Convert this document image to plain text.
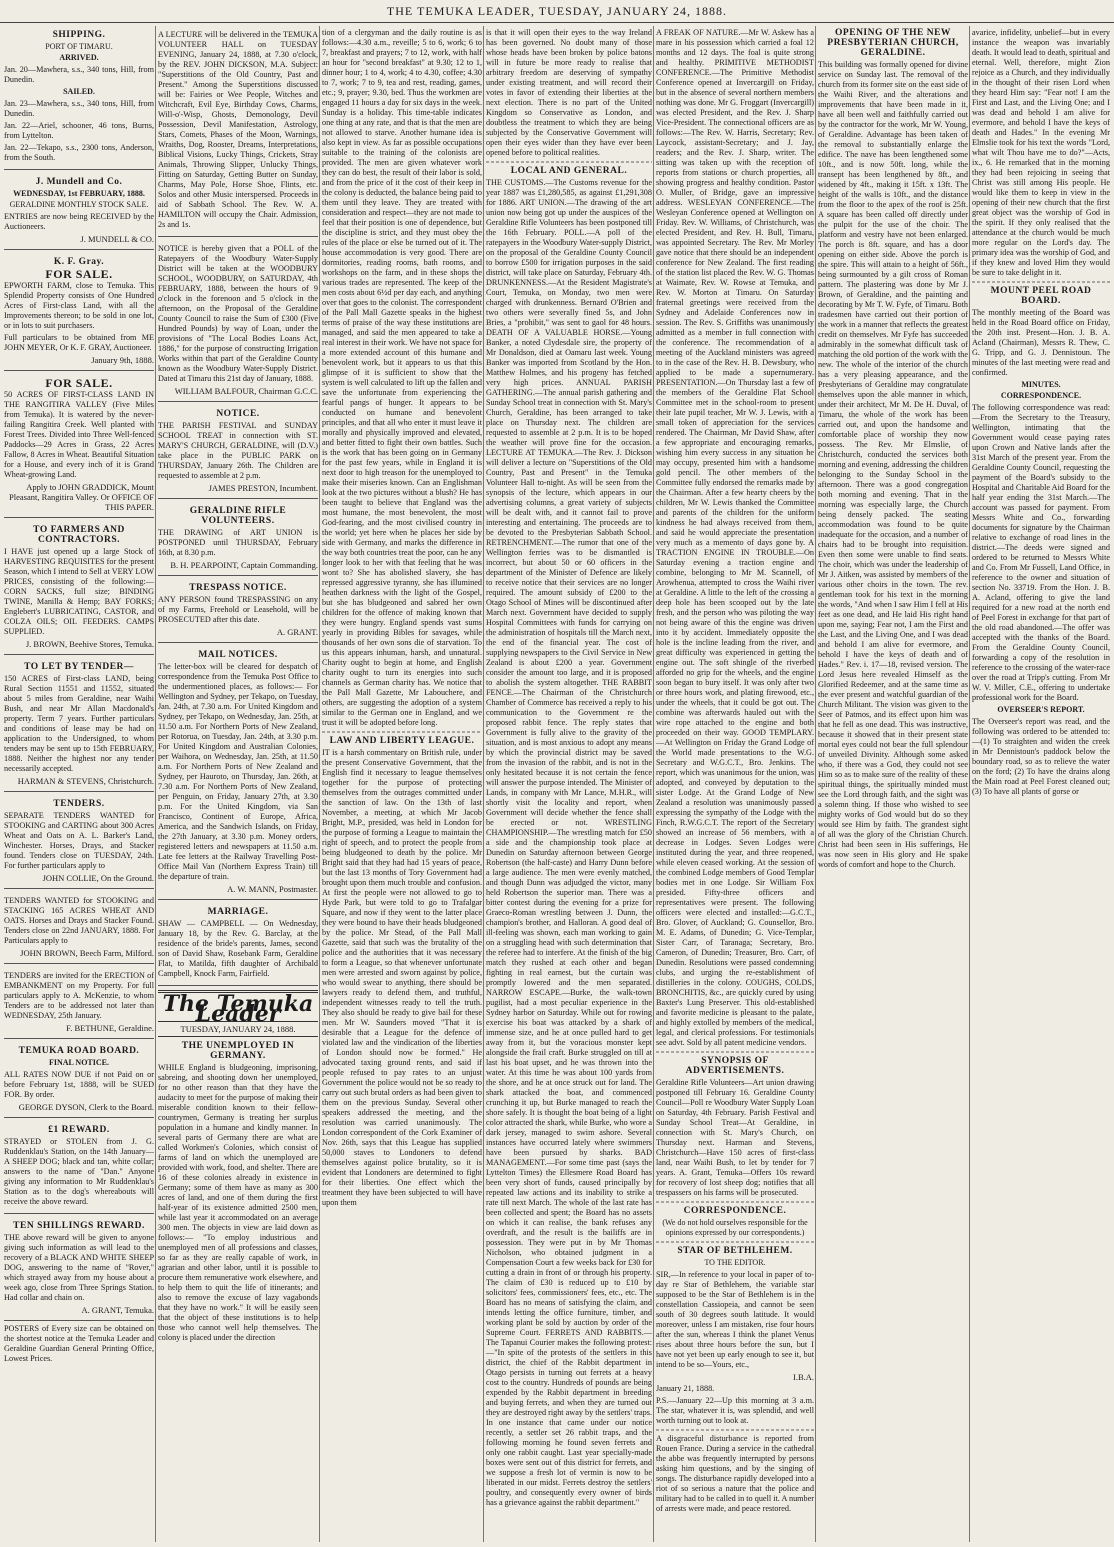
THE TEMUKA LEADER, TUESDAY, JANUARY 24, 1888.
SHIPPING.
PORT OF TIMARU.
ARRIVED.
Jan. 20—Mawhera, s.s., 340 tons, Hill, from Dunedin.
SAILED.
Jan. 23—Mawhera, s.s., 340 tons, Hill, from Dunedin.
Jan. 22—Ariel, schooner, 46 tons, Burns, from Lyttelton.
Jan. 22—Tekapo, s.s., 2300 tons, Anderson, from the South.
J. Mundell and Co.
WEDNESDAY, 1st FEBRUARY, 1888.
GERALDINE MONTHLY STOCK SALE.
ENTRIES are now being RECEIVED by the Auctioneers.
J. MUNDELL & CO.
K. F. Gray.
FOR SALE.
EPWORTH FARM, close to Temuka. This Splendid Property consists of One Hundred Acres of First-class Land, with all the Improvements thereon; to be sold in one lot, or in lots to suit purchasers.
Full particulars to be obtained from ME JOHN MEYER, Or K. F. GRAY, Auctioneer.
January 9th, 1888.
FOR SALE.
50 ACRES OF FIRST-CLASS LAND IN THE RANGITIRA VALLEY (Five Miles from Temuka). It is watered by the never-failing Rangitira Creek. Well planted with Forest Trees. Divided into Three Well-fenced Paddocks—29 Acres in Grass, 22 Acres Fallow, 8 Acres in Wheat. Beautiful Situation for a House, and every inch of it is Grand Wheat-growing Land.
Apply to JOHN GRADDICK, Mount Pleasant, Rangitira Valley. Or OFFICE OF THIS PAPER.
TO FARMERS AND CONTRACTORS.
I HAVE just opened up a large Stock of HARVESTING REQUISITES for the present Season, which I intend to Sell at VERY LOW PRICES, consisting of the following:— CORN SACKS, full size; BINDING TWINE, Manilla & Hemp; BAY FORKS; Englebert's LUBRICATING, CASTOR, and COLZA OILS; OIL FEEDERS. CAMPS SUPPLIED.
J. BROWN, Beehive Stores, Temuka.
TO LET BY TENDER—
150 ACRES of First-class LAND, being Rural Section 11551 and 11552, situated about 5 miles from Geraldine, near Waihi Bush, and near Mr Allan Macdonald's property. Term 7 years. Further particulars and conditions of lease may be had on application to the Undersigned, to whom tenders may be sent up to 15th FEBRUARY, 1888. Neither the highest nor any tender necessarily accepted.
HARMAN & STEVENS, Christchurch.
TENDERS.
SEPARATE TENDERS WANTED for STOOKING and CARTING about 300 Acres Wheat and Oats on A. L. Barker's Land, Winchester. Horses, Drays, and Stacker found. Tenders close on TUESDAY, 24th. For further particulars apply to
JOHN COLLIE, On the Ground.
TENDERS WANTED for STOOKING and STACKING 165 ACRES WHEAT AND OATS. Horses and Drays and Stacker Found. Tenders close on 22nd JANUARY, 1888. For Particulars apply to
JOHN BROWN, Beech Farm, Milford.
TENDERS are invited for the ERECTION of EMBANKMENT on my Property. For full particulars apply to A. McKenzie, to whom Tenders are to be addressed not later than WEDNESDAY, 25th January.
F. BETHUNE, Geraldine.
TEMUKA ROAD BOARD.
FINAL NOTICE.
ALL RATES NOW DUE if not Paid on or before February 1st, 1888, will be SUED FOR. By order.
GEORGE DYSON, Clerk to the Board.
£1 REWARD.
STRAYED or STOLEN from J. G. Ruddenklau's Station, on the 14th January—A SHEEP DOG; black and tan, white collar; answers to the name of "Dan." Anyone giving any information to Mr Ruddenklau's Station as to the dog's whereabouts will receive the above reward.
TEN SHILLINGS REWARD.
THE above reward will be given to anyone giving such information as will lead to the recovery of a BLACK AND WHITE SHEEP DOG, answering to the name of "Rover," which strayed away from my house about a week ago, close from Three Springs Station. Had collar and chain on.
A. GRANT, Temuka.
POSTERS of Every size can be obtained on the shortest notice at the Temuka Leader and Geraldine Guardian General Printing Office, Lowest Prices.
A LECTURE will be delivered in the TEMUKA VOLUNTEER HALL on TUESDAY EVENING, January 24, 1888, at 7.30 o'clock, by the REV. JOHN DICKSON, M.A. Subject: "Superstitions of the Old Country, Past and Present." Among the Superstitions discussed will be: Fairies or Wee People, Witches and Witchcraft, Evil Eye, Birthday Cows, Charms, Will-o'-Wisp, Ghosts, Demonology, Devil Possession, Devil Manifestation, Astrology, Stars, Comets, Phases of the Moon, Warnings, Wraiths, Dog, Rooster, Dreams, Interpretations, Biblical Visions, Lucky Things, Crickets, Stray Animals, Throwing Slipper, Unlucky Things, Fitting on Saturday, Getting Butter on Sunday, Charms, May Pole, Horse Shoe, Flints, etc. Solos and other Music interspersed. Proceeds in aid of Sabbath School. The Rev. W. A. HAMILTON will occupy the Chair. Admission, 2s and 1s.
NOTICE is hereby given that a POLL of the Ratepayers of the Woodbury Water-Supply District will be taken at the WOODBURY SCHOOL, WOODBURY, on SATURDAY, 4th FEBRUARY, 1888, between the hours of 9 o'clock in the forenoon and 5 o'clock in the afternoon, on the Proposal of the Geraldine County Council to raise the Sum of £300 (Five Hundred Pounds) by way of Loan, under the provisions of "The Local Bodies Loans Act, 1886," for the purpose of constructing Irrigation Works within that part of the Geraldine County known as the Woodbury Water-Supply District. Dated at Timaru this 21st day of January, 1888.
WILLIAM BALFOUR, Chairman G.C.C.
NOTICE.
THE PARISH FESTIVAL and SUNDAY SCHOOL TREAT in connection with ST. MARY'S CHURCH, GERALDINE, will (D.V.) take place in the PUBLIC PARK on THURSDAY, January 26th. The Children are requested to assemble at 2 p.m.
JAMES PRESTON, Incumbent.
GERALDINE RIFLE VOLUNTEERS.
THE DRAWING of ART UNION is POSTPONED until THURSDAY, February 16th, at 8.30 p.m.
B. H. PEARPOINT, Captain Commanding.
TRESPASS NOTICE.
ANY PERSON found TRESPASSING on any of my Farms, Freehold or Leasehold, will be PROSECUTED after this date.
A. GRANT.
MAIL NOTICES.
The letter-box will be cleared for despatch of correspondence from the Temuka Post Office to the undermentioned places, as follows:— For Wellington and Sydney, per Tekapo, on Tuesday, Jan. 24th, at 7.30 a.m. For United Kingdom and Sydney, per Tekapo, on Wednesday, Jan. 25th, at 11.50 a.m. For Northern Ports of New Zealand, per Rotorua, on Tuesday, Jan. 24th, at 3.30 p.m. For United Kingdom and Australian Colonies, per Waihora, on Wednesday, Jan. 25th, at 11.50 a.m. For Northern Ports of New Zealand and Sydney, per Hauroto, on Thursday, Jan. 26th, at 7.30 a.m. For Northern Ports of New Zealand, per Penguin, on Friday, January 27th, at 3.30 p.m. For the United Kingdom, via San Francisco, Continent of Europe, Africa, America, and the Sandwich Islands, on Friday, the 27th January, at 3.30 p.m. Money orders, registered letters and newspapers at 11.50 a.m. Late fee letters at the Railway Travelling Post-Office Mail Van (Northern Express Train) till the departure of train.
A. W. MANN, Postmaster.
MARRIAGE.
SHAW — CAMPBELL — On Wednesday, January 18, by the Rev. G. Barclay, at the residence of the bride's parents, James, second son of David Shaw, Rosebank Farm, Geraldine Flat, to Matilda, fifth daughter of Archibald Campbell, Knock Farm, Fairfield.
The Temuka Leader
TUESDAY, JANUARY 24, 1888.
THE UNEMPLOYED IN GERMANY.
WHILE England is bludgeoning, imprisoning, sabreing, and shooting down her unemployed, for no other reason than that they have the audacity to meet for the purpose of making their miserable condition known to their fellow-countrymen, Germany is treating her surplus population in a humane and kindly manner. In several parts of Germany there are what are called Workmen's Colonies, which consist of farms of land on which the unemployed are provided with work, food, and shelter. There are 16 of these colonies already in existence in Germany; some of them have as many as 300 acres of land, and one of them during the first half-year of its existence admitted 2500 men, while last year it accommodated on an average 300 men. The objects in view are laid down as follows:— "To employ industrious and unemployed men of all professions and classes, so far as they are really capable of work, in agrarian and other labor, until it is possible to procure them remunerative work elsewhere, and to help them to quit the life of itinerants; and also to remove the excuse of lazy vagabonds that they have no work." It will be easily seen that the object of these institutions is to help those who cannot well help themselves. The colony is placed under the direction
tion of a clergyman and the daily routine is as follows:—4.30 a.m., reveille; 5 to 6, work; 6 to 7, breakfast and prayers; 7 to 12, work, with half an hour for "second breakfast" at 9.30; 12 to 1, dinner hour; 1 to 4, work; 4 to 4.30, coffee; 4.30 to 7, work; 7 to 9, tea and rest, reading, games, etc.; 9, prayer; 9.30, bed. Thus the workmen are engaged 11 hours a day for six days in the week. Sunday is a holiday. This time-table indicates one thing at any rate, and that is that the men are not allowed to starve. Another humane idea is also kept in view. As far as possible occupations suitable to the training of the colonists are provided. The men are given whatever work they can do best, the result of their labor is sold, and from the price of it the cost of their keep in the colony is deducted, the balance being paid to them until they leave. They are treated with consideration and respect—they are not made to feel that their position is one of dependence, but the discipline is strict, and they must obey the rules of the place or else be turned out of it. The house accommodation is very good. There are dormitories, reading rooms, bath rooms, and workshops on the farm, and in these shops the various trades are represented. The keep of the men costs about 6½d per day each, and anything over that goes to the colonist. The correspondent of the Pall Mall Gazette speaks in the highest terms of praise of the way these institutions are managed, and said the men appeared to take a real interest in their work. We have not space for a more extended account of this humane and benevolent work, but it appears to us that this glimpse of it is sufficient to show that the system is well calculated to lift up the fallen and save the unfortunate from experiencing the fearful pangs of hunger. It appears to be conducted on humane and benevolent principles, and that all who enter it must leave it morally and physically improved and elevated, and better fitted to fight their own battles. Such is the work that has been going on in Germany for the past few years, while in England it is next door to high treason for the unemployed to make their miseries known. Can an Englishman look at the two pictures without a blush? He has been taught to believe that England was the most humane, the most benevolent, the most God-fearing, and the most civilised country in the world; yet here when he places her side by side with Germany, and marks the difference in the way both countries treat the poor, can he any longer look to her with that feeling that he was wont to? She has abolished slavery, she has repressed aggressive tyranny, she has illumined heathen darkness with the light of the Gospel, but she has bludgeoned and sabred her own children for the offence of making known that they were hungry. England spends vast sums yearly in providing Bibles for savages, while thousands of her own sons die of starvation. To us this appears inhuman, harsh, and unnatural. Charity ought to begin at home, and English charity ought to turn its energies into such channels as German charity has. We notice that the Pall Mall Gazette, Mr Labouchere, and others, are suggesting the adoption of a system similar to the German one in England, and we trust it will be adopted before long.
LAW AND LIBERTY LEAGUE.
IT is a harsh commentary on British rule, under the present Conservative Government, that the English find it necessary to league themselves together for the purpose of protecting themselves from the outrages committed under the sanction of law. On the 13th of last November, a meeting, at which Mr Jacob Bright, M.P., presided, was held in London for the purpose of forming a League to maintain the right of speech, and to protect the people from being bludgeoned to death by the police. Mr Bright said that they had had 15 years of peace, but the last 13 months of Tory Government had brought upon them much trouble and confusion. At first the people were not allowed to go to Hyde Park, but were told to go to Trafalgar Square, and now if they went to the latter place they were bound to have their heads bludgeoned by the police. Mr Stead, of the Pall Mall Gazette, said that such was the brutality of the police and the authorities that it was necessary to form a League, so that whenever unfortunate men were arrested and sworn against by police, who would swear to anything, there should be lawyers ready to defend them, and truthful, independent witnesses ready to tell the truth. They also should be ready to give bail for these men. Mr W. Saunders moved "That it is desirable that a League for the defence of violated law and the vindication of the liberties of London should now be formed." He advocated taxing ground rents, and said if people refused to pay rates to an unjust Government the police would not be so ready to carry out such brutal orders as had been given to them on the previous Sunday. Several other speakers addressed the meeting, and the resolution was carried unanimously. The London correspondent of the Cork Examiner of Nov. 26th, says that this League has supplied 50,000 staves to Londoners to defend themselves against police brutality, so it is evident that Londoners are determined to fight for their liberties. One effect which the treatment they have been subjected to will have upon them
is that it will open their eyes to the way Ireland has been governed. No doubt many of those whose heads have been broken by police batons will in future be more ready to realise that arbitrary freedom are deserving of sympathy under existing treatment, and will record their votes in favor of extending their liberties at the next election. There is no part of the United Kingdom so Conservative as London, and doubtless the treatment to which they are being subjected by the Conservative Government will open their eyes wider than they have ever been opened before to political realities.
LOCAL AND GENERAL.
THE CUSTOMS.—The Customs revenue for the year 1887 was £1,280,585, as against £1,291,308 for 1886. ART UNION.—The drawing of the art union now being got up under the auspices of the Geraldine Rifle Volunteers has been postponed till the 16th February. POLL.—A poll of the ratepayers in the Woodbury Water-supply District, on the proposal of the Geraldine County Council to borrow £500 for irrigation purposes in the said district, will take place on Saturday, February 4th. DRUNKENNESS.—At the Resident Magistrate's Court, Temuka, on Monday, two men were charged with drunkenness. Bernard O'Brien and two others were severally fined 5s, and John Bries, a "prohibit," was sent to gaol for 48 hours. DEATH OF A VALUABLE HORSE.—Young Banker, a noted Clydesdale sire, the property of Mr Donaldson, died at Oamaru last week. Young Banker was imported from Scotland by the Hon. Matthew Holmes, and his progeny has fetched very high prices. ANNUAL PARISH GATHERING.—The annual parish gathering and Sunday School treat in connection with St. Mary's Church, Geraldine, has been arranged to take place on Thursday next. The children are requested to assemble at 2 p.m. It is to be hoped the weather will prove fine for the occasion. LECTURE AT TEMUKA.—The Rev. J. Dickson will deliver a lecture on "Superstitions of the Old Country, Past and Present" in the Temuka Volunteer Hall to-night. As will be seen from the synopsis of the lecture, which appears in our advertising columns, a great variety of subjects will be dealt with, and it cannot fail to prove interesting and entertaining. The proceeds are to be devoted to the Presbyterian Sabbath School. RETRENCHMENT.—The rumor that one of the Wellington ferries was to be dismantled is incorrect, but about 50 or 60 officers in the department of the Minister of Defence are likely to receive notice that their services are no longer required. The amount subsidy of £200 to the Otago School of Mines will be discontinued after March next. Government have decided to supply Hospital Committees with funds for carrying on the administration of hospitals till the March next, the end of the financial year. The cost of supplying newspapers to the Civil Service in New Zealand is about £200 a year. Government consider the amount too large, and it is proposed to abolish the system altogether. THE RABBIT FENCE.—The Chairman of the Christchurch Chamber of Commerce has received a reply to his communication to the Government re the proposed rabbit fence. The reply states that Government is fully alive to the gravity of the situation, and is most anxious to adopt any means by which the provincial district may be saved from the invasion of the rabbit, and is not in the only hesitated because it is not certain the fence will answer the purpose intended. The Minister of Lands, in company with Mr Lance, M.H.R., will shortly visit the locality and report, when Government will decide whether the fence shall be erected or not. WRESTLING CHAMPIONSHIP.—The wrestling match for £50 a side and the championship took place at Dunedin on Saturday afternoon between George Robertson (the half-caste) and Harry Dunn before a large audience. The men were evenly matched, and though Dunn was adjudged the victor, many held Robertson the superior man. There was a bitter contest during the evening for a prize for Graeco-Roman wrestling between J. Dunn, the champion's brother, and Halloran. A good deal of ill-feeling was shown, each man working to gain on a struggling head with such determination that the referee had to interfere. At the finish of the big match they rushed at each other and began fighting in real earnest, but the curtain was promptly lowered and the men separated. NARROW ESCAPE.—Burke, the walk-town pugilist, had a most peculiar experience in the Sydney harbor on Saturday. While out for rowing exercise his boat was attacked by a shark of immense size, and he at once pulled hard to get away from it, but the voracious monster kept alongside the frail craft. Burke struggled on till at last his boat upset, and he was thrown into the water. At this time he was about 100 yards from the shore, and he at once struck out for land. The shark attacked the boat, and commenced crunching it up, but Burke managed to reach the shore safely. It is thought the boat being of a light color attracted the shark, while Burke, who wore a dark jersey, managed to swim ashore. Several instances have occurred lately where swimmers have been pursued by sharks. BAD MANAGEMENT.—For some time past (says the Lyttelton Times) the Ellesmere Road Board has been very short of funds, caused principally by repeated law actions and its inability to strike a rate till next March. The whole of the last rate has been collected and spent; the Board has no assets on which it can realise, the bank refuses any overdraft, and the result is the bailiffs are in possession. They were put in by Mr Thomas Nicholson, who obtained judgment in a Compensation Court a few weeks back for £30 for cutting a drain in front of or through his property. The claim of £30 is reduced up to £10 by solicitors' fees, commissioners' fees, etc., etc. The Board has no means of satisfying the claim, and intends letting the office furniture, timber, and working plant be sold by auction by order of the Supreme Court. FERRETS AND RABBITS.—The Tapanui Courier makes the following protest:—"In spite of the protests of the settlers in this district, the chief of the Rabbit department in Otago persists in turning out ferrets at a heavy cost to the country. Hundreds of pounds are being expended by the Rabbit department in breeding and buying ferrets, and when they are turned out they are destroyed right away by the settlers' traps. In one instance that came under our notice recently, a settler set 26 rabbit traps, and the following morning he found seven ferrets and only one rabbit caught. Last year specially-made boxes were sent out of this district for ferrets, and we suppose a fresh lot of vermin is now to be liberated in our midst. Ferrets destroy the settlers' poultry, and consequently every owner of birds has a grievance against the rabbit department."
A FREAK OF NATURE.—Mr W. Askew has a mare in his possession which carried a foal 12 months and 12 days. The foal is quite strong and healthy. PRIMITIVE METHODIST CONFERENCE.—The Primitive Methodist Conference opened at Invercargill on Friday, but in the absence of several northern members nothing was done. Mr G. Froggart (Invercargill) was elected President, and the Rev. J. Sharp Vice-President. The connectional officers are as follows:—The Rev. W. Harris, Secretary; Rev. Laycock, assistant-Secretary; and J. Jay, readers; and the Rev. J. Sharp, writer. The sitting was taken up with the reception of reports from stations or church properties, all showing progress and healthy condition. Pastor O. Muller, of Bridge, gave an impressive address. WESLEYAN CONFERENCE.—The Wesleyan Conference opened at Wellington on Friday. Rev. W. Williams, of Christchurch, was elected President, and Rev. H. Bull, Timaru, was appointed Secretary. The Rev. Mr Morley gave notice that there should be an independent conference for New Zealand. The first reading of the station list placed the Rev. W. G. Thomas at Waimate, Rev. W. Rowse at Temuka, and Rev. W. Morton at Timaru. On Saturday fraternal greetings were received from the Sydney and Adelaide Conferences now in session. The Rev. S. Griffiths was unanimously admitted as a member in full connection with the conference. The recommendation of a meeting of the Auckland ministers was agreed to in the case of the Rev. H. B. Dewsbury, who applied to be made a supernumerary. PRESENTATION.—On Thursday last a few of the members of the Geraldine Flat School Committee met in the school-room to present their late pupil teacher, Mr W. J. Lewis, with a small token of appreciation for the services rendered. The Chairman, Mr David Shaw, after a few appropriate and encouraging remarks, wishing him every success in any situation he may occupy, presented him with a handsome gold pencil. The other members of the Committee fully endorsed the remarks made by the Chairman. After a few hearty cheers by the children, Mr W. Lewis thanked the Committee and parents of the children for the uniform kindness he had always received from them, and said he would appreciate the presentation very much as a memento of days gone by. A TRACTION ENGINE IN TROUBLE.—On Saturday evening a traction engine and combine, belonging to Mr M. Scannell, of Arowhenua, attempted to cross the Waihi river at Geraldine. A little to the left of the crossing a deep hole has been scooped out by the late fresh, and the person who was piloting the way not being aware of this the engine was driven into it by accident. Immediately opposite the hole is the incline leading from the river, and great difficulty was experienced in getting the engine out. The soft shingle of the riverbed afforded no grip for the wheels, and the engine soon began to bury itself. It was only after two or three hours work, and plating firewood, etc., under the wheels, that it could be got out. The combine was afterwards hauled out with the wire rope attached to the engine and both proceeded on their way. GOOD TEMPLARY.—At Wellington on Friday the Grand Lodge of the World made presentations to the W.G. Secretary and W.G.C.T., Bro. Jenkins. The report, which was unanimous for the union, was adopted, and conveyed by deputation to the sister Lodge. At the Grand Lodge of New Zealand a resolution was unanimously passed expressing the sympathy of the Lodge with the Finch, R.W.G.C.T. The report of the Secretary showed an increase of 56 members, with a decrease in Lodges. Seven Lodges were instituted during the year, and three reopened, while eleven ceased working. At the session of the combined Lodge members of Good Templar bodies met in one Lodge. Sir William Fox presided. Fifty-three officers and representatives were present. The following officers were elected and installed:—G.C.T., Bro. Glover, of Auckland; G. Counsellor, Bro. M. E. Adams, of Dunedin; G. Vice-Templar, Sister Carr, of Taranaga; Secretary, Bro. Cameron, of Dunedin; Treasurer, Bro. Carr, of Dunedin. Resolutions were passed condemning clubs, and urging the re-establishment of distilleries in the colony. COUGHS, COLDS, BRONCHITIS, &c., are quickly cured by using Baxter's Lung Preserver. This old-established and favorite medicine is pleasant to the palate, and highly extolled by members of the medical, legal, and clerical professions. For testimonials see advt. Sold by all patent medicine vendors.
SYNOPSIS OF ADVERTISEMENTS.
Geraldine Rifle Volunteers—Art union drawing postponed till February 16. Geraldine County Council—Poll re Woodbury Water Supply Loan on Saturday, 4th February. Parish Festival and Sunday School Treat—At Geraldine, in connection with St. Mary's Church, on Thursday next. Harman and Stevens, Christchurch—Have 150 acres of first-class land, near Waihi Bush, to let by tender for 7 years. A. Grant, Temuka—Offers 10s reward for recovery of lost sheep dog; notifies that all trespassers on his farms will be prosecuted.
CORRESPONDENCE.
(We do not hold ourselves responsible for the opinions expressed by our correspondents.)
STAR OF BETHLEHEM.
TO THE EDITOR.
SIR,—In reference to your local in paper of to-day re Star of Bethlehem, the variable star supposed to be the Star of Bethlehem is in the constellation Cassiopeia, and cannot be seen south of 30 degrees south latitude. It would moreover, unless I am mistaken, rise four hours after the sun, whereas I think the planet Venus rises about three hours before the sun, but I have not yet been up early enough to see it, but intend to be so—Yours, etc.,
I.B.A.
January 21, 1888.
P.S.—January 22—Up this morning at 3 a.m. The star, whatever it is, was splendid, and well worth turning out to look at.
A disgraceful disturbance is reported from Rouen France. During a service in the cathedral the abbe was frequently interrupted by persons asking him questions, and by the singing of songs. The disturbance rapidly developed into a riot of so serious a nature that the police and military had to be called in to quell it. A number of arrests were made, and peace restored.
OPENING OF THE NEW PRESBYTERIAN CHURCH, GERALDINE.
This building was formally opened for divine service on Sunday last. The removal of the church from its former site on the east side of the Waihi River, and the alterations and improvements that have been made in it, have all been well and faithfully carried out by the contractor for the work, Mr W. Young, of Geraldine. Advantage has been taken of the removal to substantially enlarge the edifice. The nave has been lengthened some 10ft., and is now 50ft. long, while the transept has been lengthened by 8ft., and widened by 4ft., making it 15ft. x 13ft. The height of the walls is 10ft., and the distance from the floor to the apex of the roof is 25ft. A square has been called off directly under the pulpit for the use of the choir. The platform and vestry have not been enlarged. The porch is 8ft. square, and has a door opening on either side. Above the porch is the spire. This will attain to a height of 56ft., being surmounted by a gilt cross of Roman pattern. The plastering was done by Mr J. Brown, of Geraldine, and the painting and decorating by Mr T. W. Fyfe, of Timaru. Both tradesmen have carried out their portion of the work in a manner that reflects the greatest credit on themselves. Mr Fyfe has succeeded admirably in the somewhat difficult task of matching the old portion of the work with the new. The whole of the interior of the church has a very pleasing appearance, and the Presbyterians of Geraldine may congratulate themselves upon the able manner in which, under their architect, Mr M. De H. Duval, of Timaru, the whole of the work has been carried out, and upon the handsome and comfortable place of worship they now possess. The Rev. Mr Elmslie, of Christchurch, conducted the services both morning and evening, addressing the children belonging to the Sunday School in the afternoon. There was a good congregation both morning and evening. That in the morning was especially large, the Church being densely packed. The seating accommodation was found to be quite inadequate for the occasion, and a number of chairs had to be brought into requisition. Even then some were unable to find seats. The choir, which was under the leadership of Mr J. Aitken, was assisted by members of the various other choirs in the town. The rev. gentleman took for his text in the morning the words, "And when I saw Him I fell at His feet as one dead, and He laid His right hand upon me, saying; Fear not, I am the First and the Last, and the Living One, and I was dead and behold I am alive for evermore, and behold I have the keys of death and of Hades." Rev. i. 17—18, revised version. The Lord Jesus here revealed Himself as the Glorified Redeemer, and at the same time as the ever present and watchful guardian of the Church Militant. The vision was given to the Seer of Patmos, and its effect upon him was that he fell as one dead. This was instructive, because it showed that in their present state mortal eyes could not bear the full splendour of unveiled Divinity. Although some asked who, if there was a God, they could not see Him so as to make sure of the reality of these spiritual things, the spiritually minded must see the Lord through faith, and the sight was a solemn thing. If those who wished to see mighty works of God would but do so they would see Him by faith. The grandest sight of all was the glory of the Christian Church. Christ had been seen in His sufferings, He was now seen in His glory and He spake words of comfort and hope to the Church.
avarice, infidelity, unbelief—but in every instance the weapon was invariably death. It would lead to death, spiritual and eternal. Well, therefore, might Zion rejoice as a Church, and they individually in the thought of their risen Lord when they heard Him say: "Fear not! I am the First and Last, and the Living One; and I was dead and behold I am alive for evermore, and behold I have the keys of death and Hades." In the evening Mr Elmslie took for his text the words "Lord, what wilt Thou have me to do?"—Acts, ix., 6. He remarked that in the morning they had been rejoicing in seeing that Christ was still among His people. He would like them to keep in view in the opening of their new church that the first great object was the worship of God in the spirit. If they only realised that the attendance at the church would be much more regular on the Lord's day. The primary idea was the worship of God, and if they knew and loved Him they would be sure to take delight in it.
MOUNT PEEL ROAD BOARD.
The monthly meeting of the Board was held in the Road Board office on Friday, the 20th inst. Present—Hon. J. B. A. Acland (Chairman), Messrs R. Thew, C. G. Tripp, and G. J. Dennistoun. The minutes of the last meeting were read and confirmed.
MINUTES.
CORRESPONDENCE.
The following correspondence was read:—From the Secretary to the Treasury, Wellington, intimating that the Government would cease paying rates upon Crown and Native lands after the 31st March of the present year. From the Geraldine County Council, requesting the payment of the Board's subsidy to the Hospital and Charitable Aid Board for the half year ending the 31st March.—The account was passed for payment. From Messrs White and Co., forwarding documents for signature by the Chairman relative to exchange of road lines in the district.—The deeds were signed and ordered to be returned to Messrs White and Co. From Mr Fussell, Land Office, in reference to the owner and situation of section No. 33719. From the Hon. J. B. A. Acland, offering to give the land required for a new road at the north end of Peel Forest in exchange for that part of the old road abandoned.—The offer was accepted with the thanks of the Board. From the Geraldine County Council, forwarding a copy of the resolution in reference to the crossing of the water-race over the road at Tripp's cutting. From Mr W. V. Miller, C.E., offering to undertake professional work for the Board.
OVERSEER'S REPORT.
The Overseer's report was read, and the following was ordered to be attended to:—(1) To straighten and widen the creek in Mr Dennistoun's paddock below the boundary road, so as to relieve the water on the ford; (2) To have the drains along the Main road at Peel Forest cleaned out; (3) To have all plants of gorse or
